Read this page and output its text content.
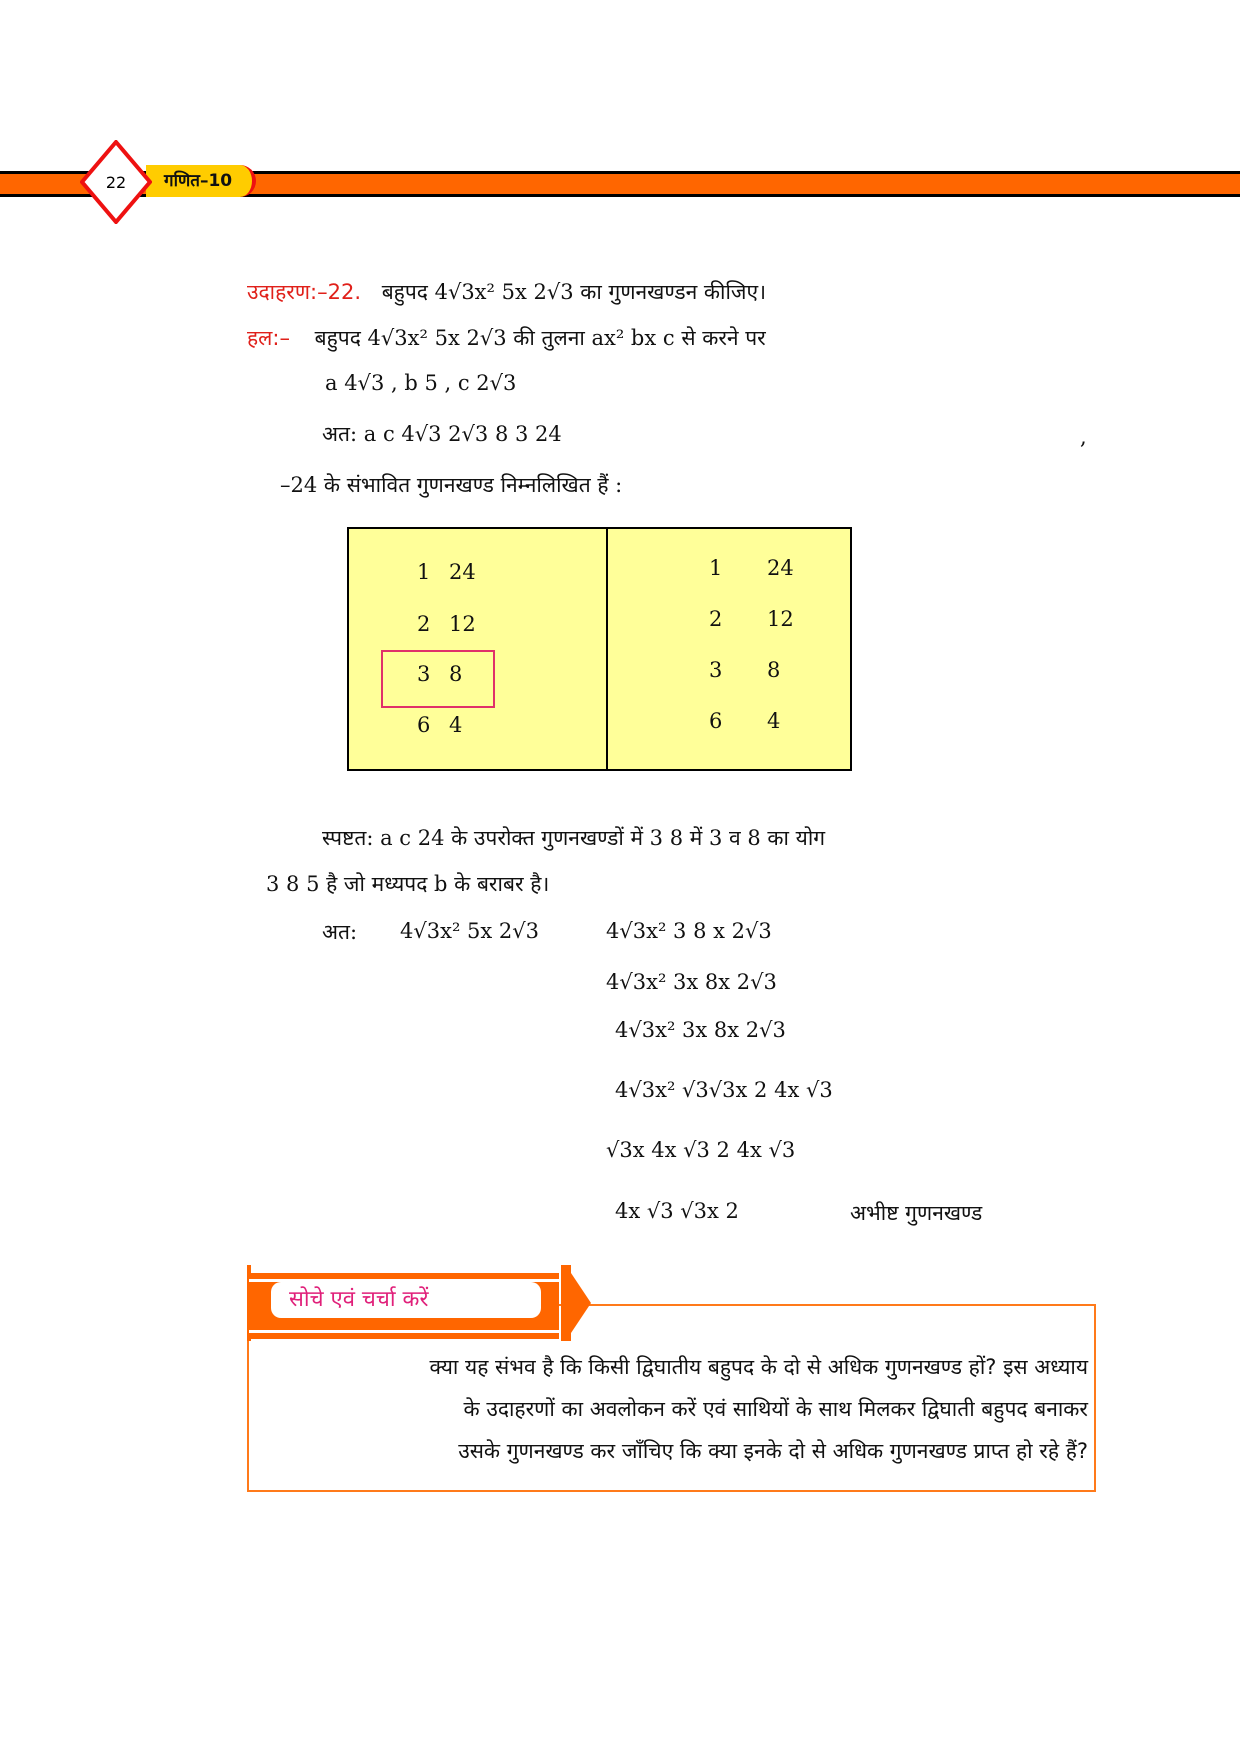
गणित–10
22
उदाहरण:–22. बहुपद 4√3x² 5x 2√3 का गुणनखण्डन कीजिए।
हल:– बहुपद 4√3x² 5x 2√3 की तुलना ax² bx c से करने पर
a 4√3 , b 5 , c 2√3
अत: a c 4√3 2√3 8 3 24	,
–24 के संभावित गुणनखण्ड निम्नलिखित हैं :
1 24
2 12
3 8
6 4
1 24
2 12
3 8
6 4
स्पष्टत: a c 24 के उपरोक्त गुणनखण्डों में 3 8 में 3 व 8 का योग
3 8 5 है जो मध्यपद b के बराबर है।
अत: 4√3x² 5x 2√3	4√3x² 3 8 x 2√3
4√3x² 3x 8x 2√3
4√3x² 3x 8x 2√3
4√3x² √3√3x 2 4x √3
√3x 4x √3 2 4x √3
4x √3 √3x 2	अभीष्ट गुणनखण्ड
सोचे एवं चर्चा करें
क्या यह संभव है कि किसी द्विघातीय बहुपद के दो से अधिक गुणनखण्ड हों? इस अध्याय
के उदाहरणों का अवलोकन करें एवं साथियों के साथ मिलकर द्विघाती बहुपद बनाकर
उसके गुणनखण्ड कर जाँचिए कि क्या इनके दो से अधिक गुणनखण्ड प्राप्त हो रहे हैं?
